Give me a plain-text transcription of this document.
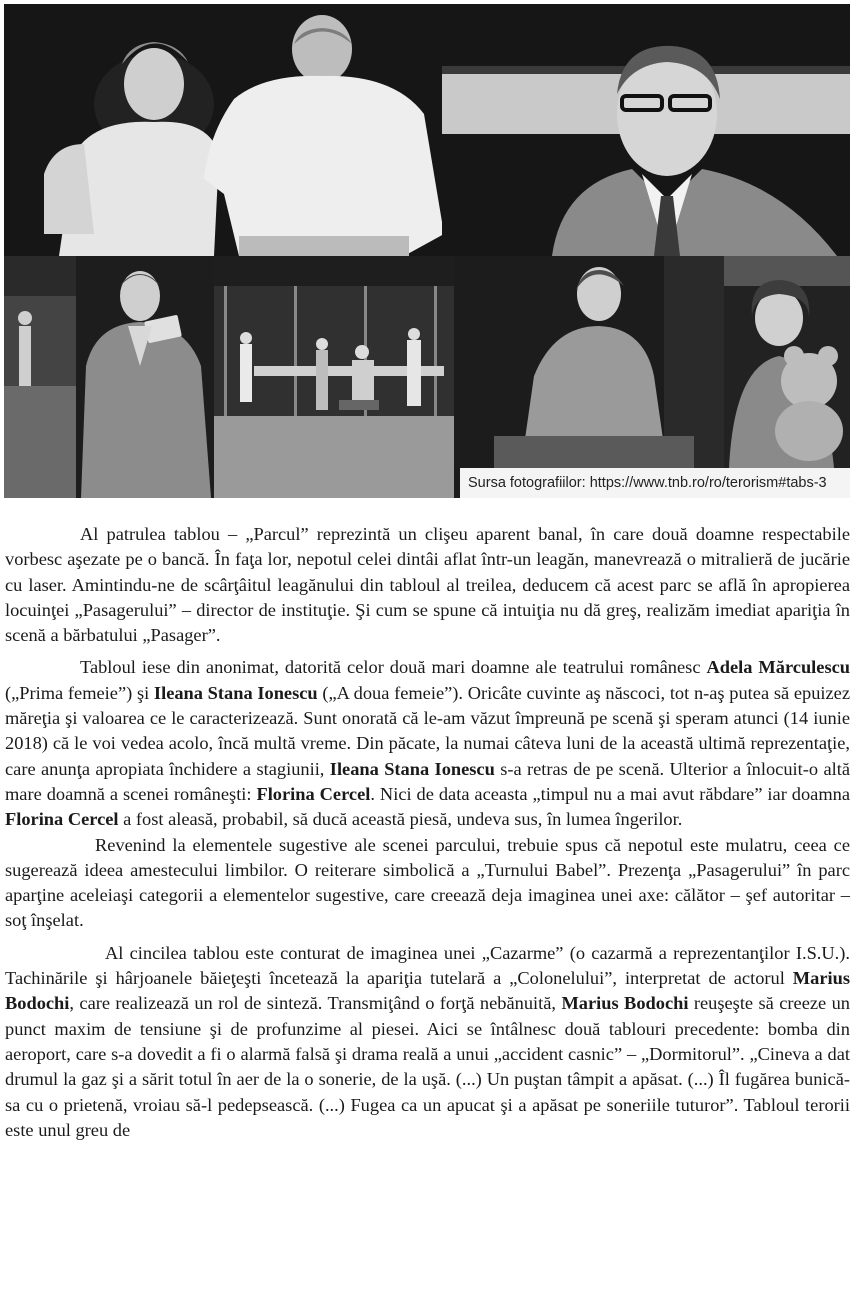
Sursa fotografiilor: https://www.tnb.ro/ro/terorism#tabs-3

Al patrulea tablou – „Parcul” reprezintă un clişeu aparent banal, în care două doamne respectabile vorbesc aşezate pe o bancă. În faţa lor, nepotul celei dintâi aflat într-un leagăn, manevrează o mitralieră de jucărie cu laser. Amintindu-ne de scârţâitul leagănului din tabloul al treilea, deducem că acest parc se află în apropierea locuinţei „Pasagerului” – director de instituţie. Şi cum se spune că intuiţia nu dă greş, realizăm imediat apariţia în scenă a bărbatului „Pasager”.

Tabloul iese din anonimat, datorită celor două mari doamne ale teatrului românesc Adela Mărculescu („Prima femeie”) şi Ileana Stana Ionescu („A doua femeie”). Oricâte cuvinte aş născoci, tot n-aş putea să epuizez măreţia şi valoarea ce le caracterizează. Sunt onorată că le-am văzut împreună pe scenă şi speram atunci (14 iunie 2018) că le voi vedea acolo, încă multă vreme. Din păcate, la numai câteva luni de la această ultimă reprezentaţie, care anunţa apropiata închidere a stagiunii, Ileana Stana Ionescu s-a retras de pe scenă. Ulterior a înlocuit-o altă mare doamnă a scenei româneşti: Florina Cercel. Nici de data aceasta „timpul nu a mai avut răbdare” iar doamna Florina Cercel a fost aleasă, probabil, să ducă această piesă, undeva sus, în lumea îngerilor.

Revenind la elementele sugestive ale scenei parcului, trebuie spus că nepotul este mulatru, ceea ce sugerează ideea amestecului limbilor. O reiterare simbolică a „Turnului Babel”. Prezenţa „Pasagerului” în parc aparţine aceleiaşi categorii a elementelor sugestive, care creează deja imaginea unei axe: călător – şef autoritar – soţ înşelat.

Al cincilea tablou este conturat de imaginea unei „Cazarme” (o cazarmă a reprezentanţilor I.S.U.). Tachinările şi hârjoanele băieţeşti încetează la apariţia tutelară a „Colonelului”, interpretat de actorul Marius Bodochi, care realizează un rol de sinteză. Transmiţând o forţă nebănuită, Marius Bodochi reuşeşte să creeze un punct maxim de tensiune şi de profunzime al piesei. Aici se întâlnesc două tablouri precedente: bomba din aeroport, care s-a dovedit a fi o alarmă falsă şi drama reală a unui „accident casnic” – „Dormitorul”. „Cineva a dat drumul la gaz şi a sărit totul în aer de la o sonerie, de la uşă. (...) Un puştan tâmpit a apăsat. (...) Îl fugărea bunică-sa cu o prietenă, vroiau să-l pedepsească. (...) Fugea ca un apucat şi a apăsat pe soneriile tuturor”. Tabloul terorii este unul greu de
